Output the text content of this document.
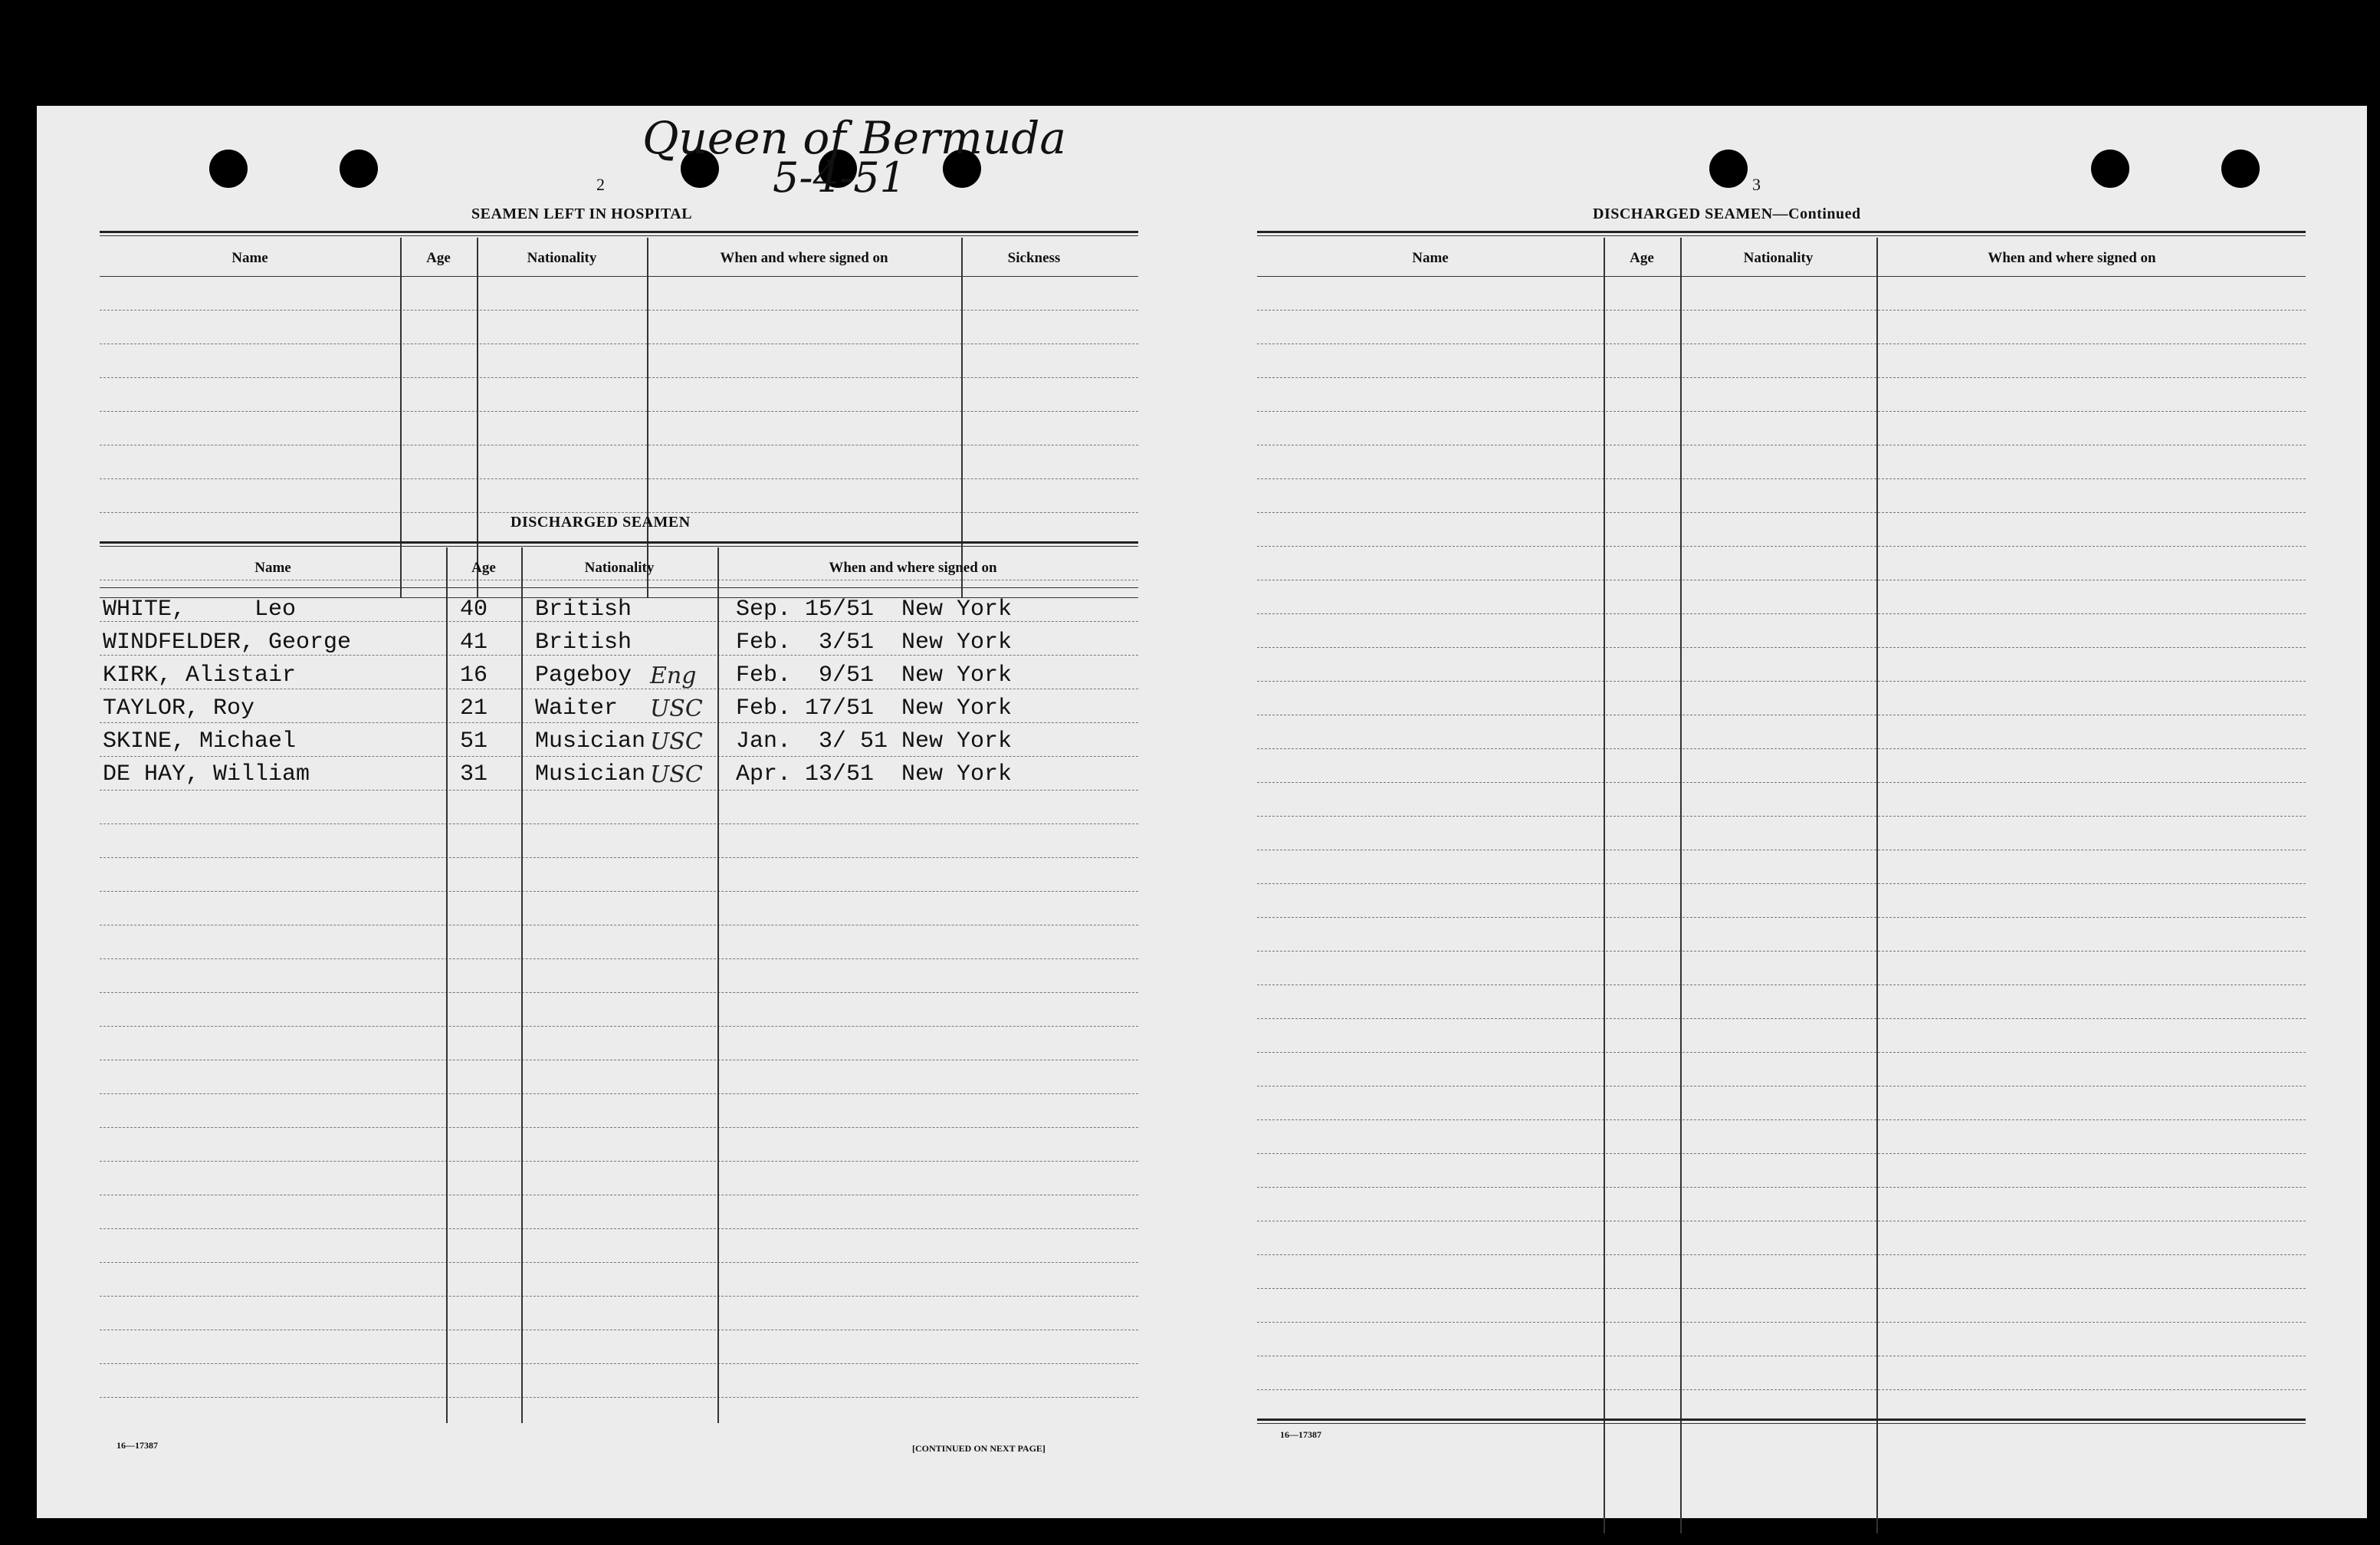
Queen of Bermuda
5-4-51
2
SEAMEN LEFT IN HOSPITAL
Name	Age	Nationality	When and where signed on	Sickness
DISCHARGED SEAMEN
Name	Age	Nationality	When and where signed on
WHITE,     Leo	40 British	Sep. 15/51  New York
WINDFELDER, George	41 British	Feb.  3/51  New York
KIRK, Alistair	16 Pageboy Eng Feb.  9/51  New York
TAYLOR, Roy	21 Waiter USC Feb. 17/51  New York
SKINE, Michael	51 Musician USC Jan.  3/ 51 New York
DE HAY, William	31 Musician USC Apr. 13/51  New York
16—17387	[CONTINUED ON NEXT PAGE]
3
DISCHARGED SEAMEN—Continued
Name	Age	Nationality	When and where signed on
16—17387
